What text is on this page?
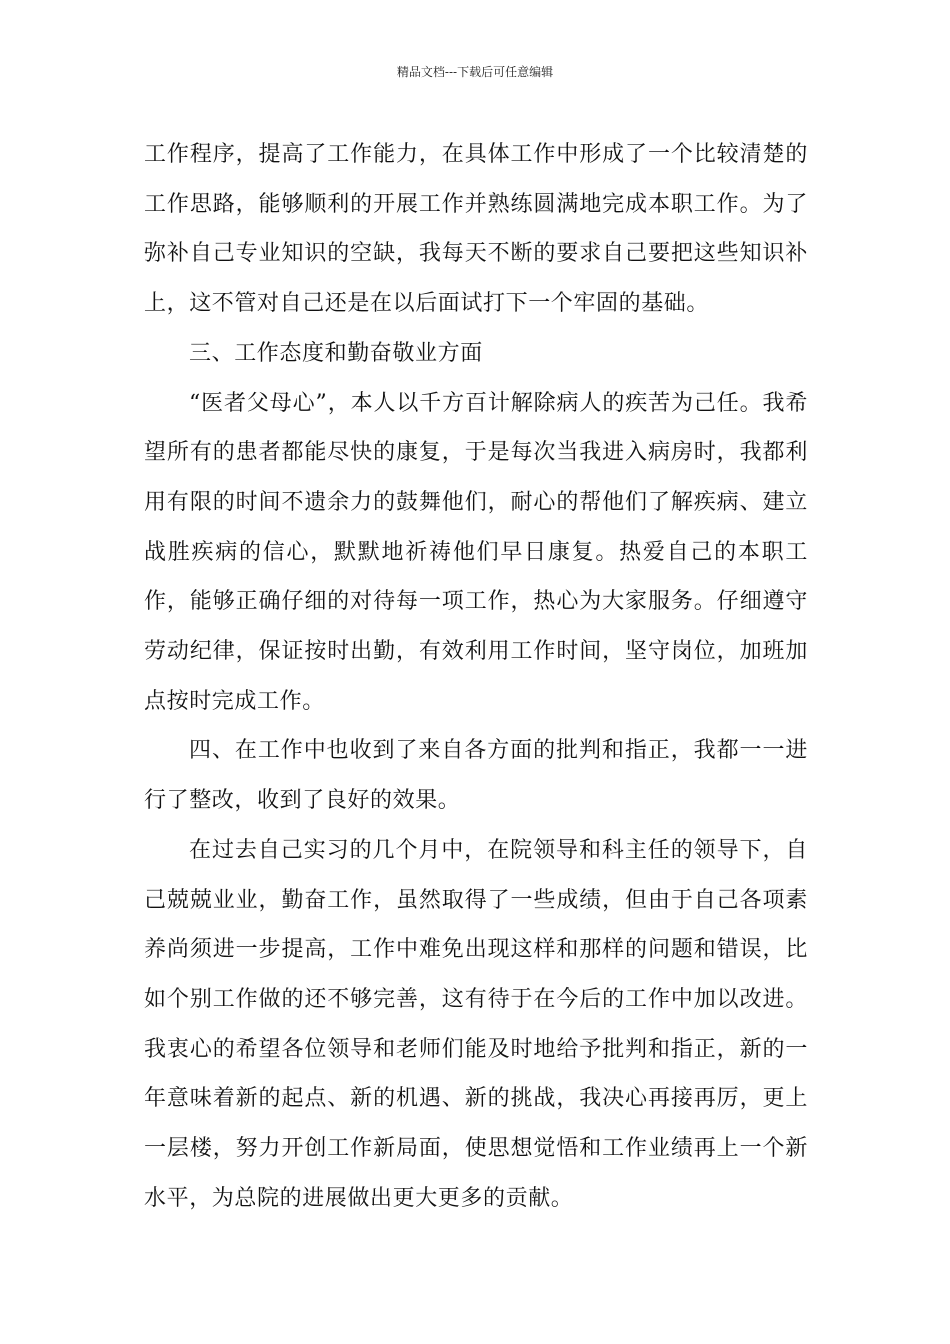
精品文档---下载后可任意编辑

工作程序，提高了工作能力，在具体工作中形成了一个比较清楚的工作思路，能够顺利的开展工作并熟练圆满地完成本职工作。为了弥补自己专业知识的空缺，我每天不断的要求自己要把这些知识补上，这不管对自己还是在以后面试打下一个牢固的基础。

三、工作态度和勤奋敬业方面

“医者父母心”，本人以千方百计解除病人的疾苦为己任。我希望所有的患者都能尽快的康复，于是每次当我进入病房时，我都利用有限的时间不遗余力的鼓舞他们，耐心的帮他们了解疾病、建立战胜疾病的信心，默默地祈祷他们早日康复。热爱自己的本职工作，能够正确仔细的对待每一项工作，热心为大家服务。仔细遵守劳动纪律，保证按时出勤，有效利用工作时间，坚守岗位，加班加点按时完成工作。

四、在工作中也收到了来自各方面的批判和指正，我都一一进行了整改，收到了良好的效果。

在过去自己实习的几个月中，在院领导和科主任的领导下，自己兢兢业业，勤奋工作，虽然取得了一些成绩，但由于自己各项素养尚须进一步提高，工作中难免出现这样和那样的问题和错误，比如个别工作做的还不够完善，这有待于在今后的工作中加以改进。我衷心的希望各位领导和老师们能及时地给予批判和指正，新的一年意味着新的起点、新的机遇、新的挑战，我决心再接再厉，更上一层楼，努力开创工作新局面，使思想觉悟和工作业绩再上一个新水平，为总院的进展做出更大更多的贡献。
